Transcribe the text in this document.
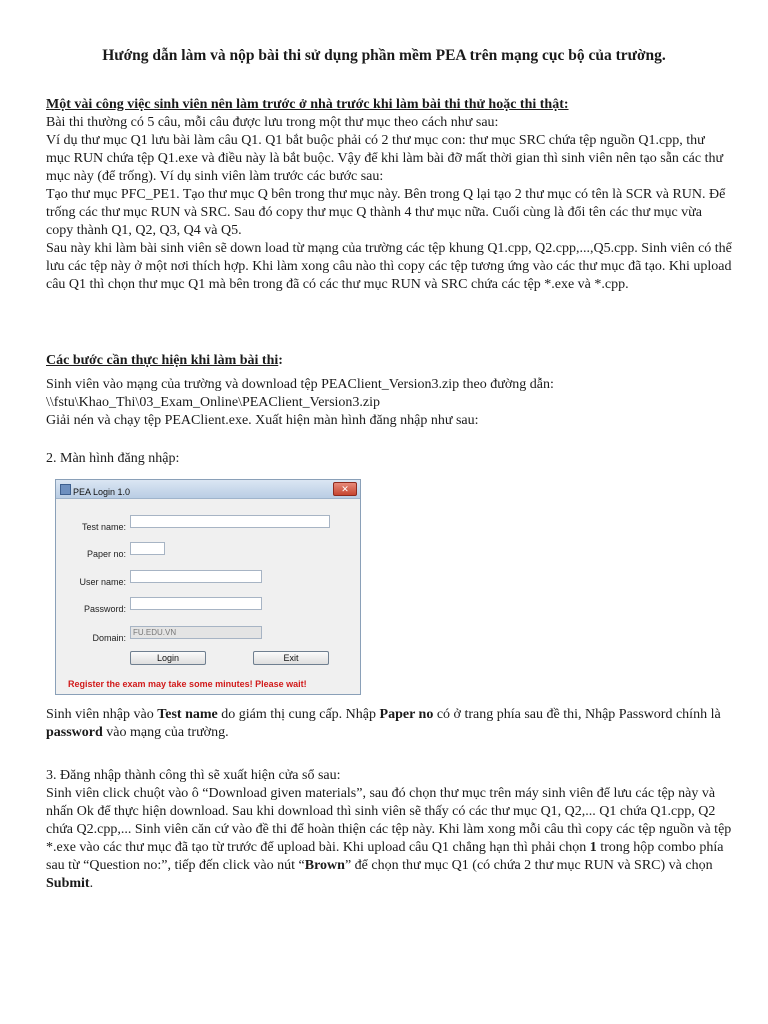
Hướng dẫn làm và nộp bài thi sử dụng phần mềm PEA trên mạng cục bộ của trường.

Một vài công việc sinh viên nên làm trước ở nhà trước khi làm bài thi thử hoặc thi thật:

Bài thi thường có 5 câu, mỗi câu được lưu trong một thư mục theo cách như sau:

Ví dụ thư mục Q1 lưu bài làm câu Q1. Q1 bắt buộc phải có 2 thư mục con: thư mục SRC chứa tệp nguồn Q1.cpp, thư mục RUN chứa tệp Q1.exe và điều này là bắt buộc. Vậy để khi làm bài đỡ mất thời gian thì sinh viên nên tạo sẵn các thư mục này (để trống). Ví dụ sinh viên làm trước các bước sau:

Tạo thư mục PFC_PE1. Tạo thư mục Q bên trong thư mục này. Bên trong Q lại tạo 2 thư mục có tên là SCR và RUN. Để trống các thư mục RUN và SRC. Sau đó copy thư mục Q thành 4 thư mục nữa. Cuối cùng là đổi tên các thư mục vừa copy thành Q1, Q2, Q3, Q4 và Q5.

Sau này khi làm bài sinh viên sẽ down load từ mạng của trường các tệp khung Q1.cpp, Q2.cpp,...,Q5.cpp. Sinh viên có thể lưu các tệp này ở một nơi thích hợp. Khi làm xong câu nào thì copy các tệp tương ứng vào các thư mục đã tạo. Khi upload câu Q1 thì chọn thư mục Q1 mà bên trong đã có các thư mục RUN và SRC chứa các tệp *.exe và *.cpp.

Các bước cần thực hiện khi làm bài thi:

Sinh viên vào mạng của trường và download tệp PEAClient_Version3.zip theo đường dẫn: \\fstu\Khao_Thi\03_Exam_Online\PEAClient_Version3.zip

Giải nén và chạy tệp PEAClient.exe. Xuất hiện màn hình đăng nhập như sau:

2. Màn hình đăng nhập:

PEA Login 1.0	✕
Test name:
Paper no:
User name:
Password:
Domain:
FU.EDU.VN
Login	Exit
Register the exam may take some minutes! Please wait!

Sinh viên nhập vào Test name do giám thị cung cấp. Nhập Paper no có ở trang phía sau đề thi, Nhập Password chính là password vào mạng của trường.

3. Đăng nhập thành công thì sẽ xuất hiện cửa sổ sau:

Sinh viên click chuột vào ô “Download given materials”, sau đó chọn thư mục trên máy sinh viên để lưu các tệp này và nhấn Ok để thực hiện download. Sau khi download thì sinh viên sẽ thấy có các thư mục Q1, Q2,... Q1 chứa Q1.cpp, Q2 chứa Q2.cpp,... Sinh viên căn cứ vào đề thi để hoàn thiện các tệp này. Khi làm xong mỗi câu thì copy các tệp nguồn và tệp *.exe vào các thư mục đã tạo từ trước để upload bài. Khi upload câu Q1 chẳng hạn thì phải chọn 1 trong hộp combo phía sau từ “Question no:”, tiếp đến click vào nút “Brown” để chọn thư mục Q1 (có chứa 2 thư mục RUN và SRC) và chọn Submit.
